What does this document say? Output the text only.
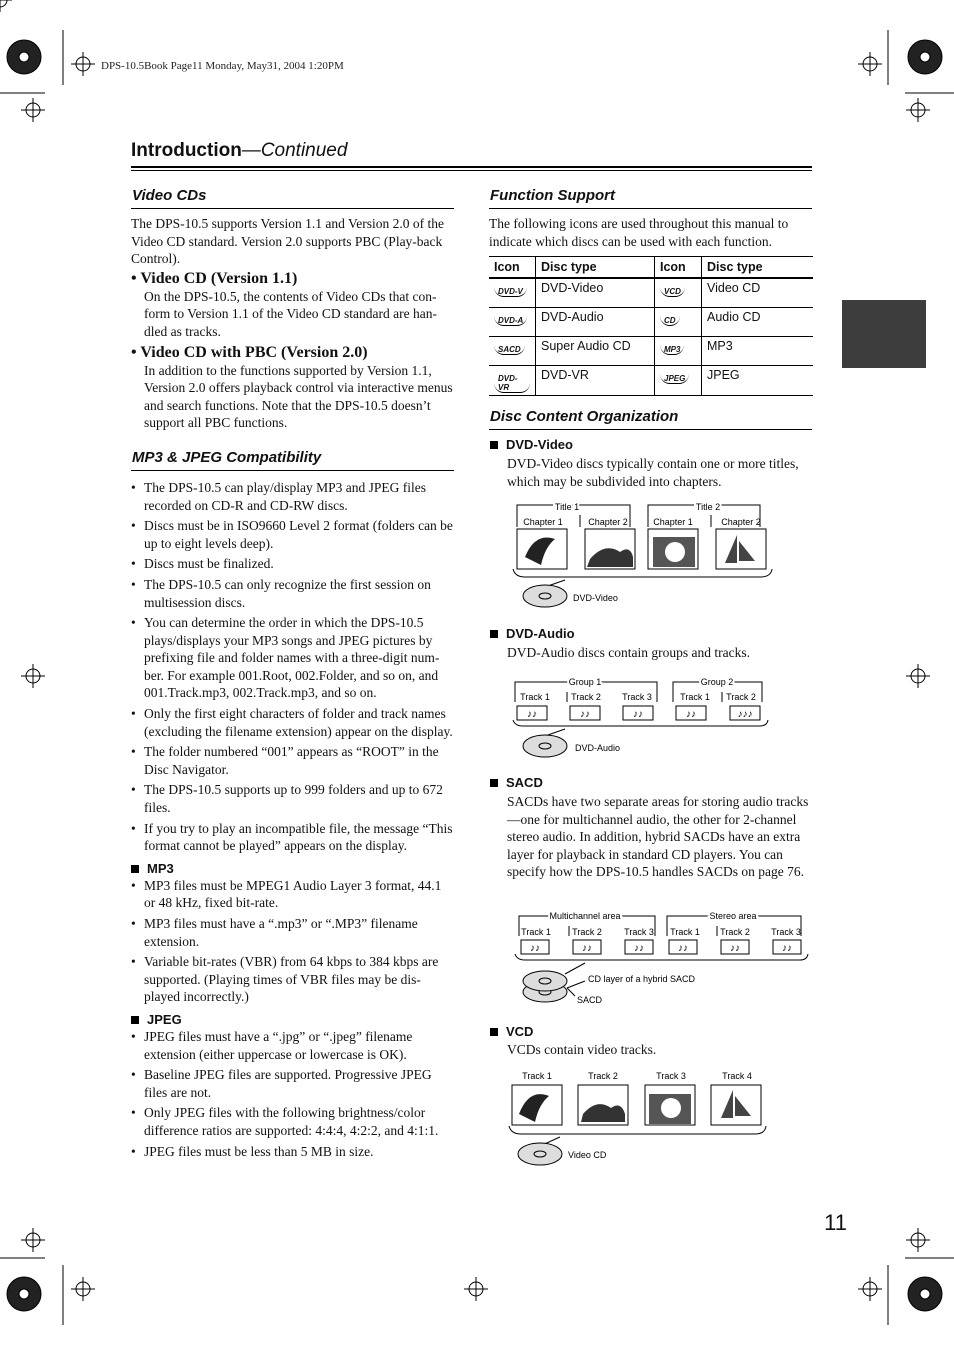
DPS-10.5Book Page11 Monday, May31, 2004 1:20PM
Introduction—Continued
Video CDs
The DPS-10.5 supports Version 1.1 and Version 2.0 of the Video CD standard. Version 2.0 supports PBC (Play-back Control).
• Video CD (Version 1.1)
On the DPS-10.5, the contents of Video CDs that con-form to Version 1.1 of the Video CD standard are han-dled as tracks.
• Video CD with PBC (Version 2.0)
In addition to the functions supported by Version 1.1, Version 2.0 offers playback control via interactive menus and search functions. Note that the DPS-10.5 doesn’t support all PBC functions.
MP3 & JPEG Compatibility
• The DPS-10.5 can play/display MP3 and JPEG files recorded on CD-R and CD-RW discs.
• Discs must be in ISO9660 Level 2 format (folders can be up to eight levels deep).
• Discs must be finalized.
• The DPS-10.5 can only recognize the first session on multisession discs.
• You can determine the order in which the DPS-10.5 plays/displays your MP3 songs and JPEG pictures by prefixing file and folder names with a three-digit num-ber. For example 001.Root, 002.Folder, and so on, and 001.Track.mp3, 002.Track.mp3, and so on.
• Only the first eight characters of folder and track names (excluding the filename extension) appear on the display.
• The folder numbered “001” appears as “ROOT” in the Disc Navigator.
• The DPS-10.5 supports up to 999 folders and up to 672 files.
• If you try to play an incompatible file, the message “This format cannot be played” appears on the display.
MP3
• MP3 files must be MPEG1 Audio Layer 3 format, 44.1 or 48 kHz, fixed bit-rate.
• MP3 files must have a “.mp3” or “.MP3” filename extension.
• Variable bit-rates (VBR) from 64 kbps to 384 kbps are supported. (Playing times of VBR files may be dis-played incorrectly.)
JPEG
• JPEG files must have a “.jpg” or “.jpeg” filename extension (either uppercase or lowercase is OK).
• Baseline JPEG files are supported. Progressive JPEG files are not.
• Only JPEG files with the following brightness/color difference ratios are supported: 4:4:4, 4:2:2, and 4:1:1.
• JPEG files must be less than 5 MB in size.
Function Support
The following icons are used throughout this manual to indicate which discs can be used with each function.
Icon	Disc type	Icon	Disc type
DVD-V	DVD-Video	VCD	Video CD
DVD-A	DVD-Audio	CD	Audio CD
SACD	Super Audio CD	MP3	MP3
DVD-VR	DVD-VR	JPEG	JPEG
Disc Content Organization
DVD-Video
DVD-Video discs typically contain one or more titles, which may be subdivided into chapters.
Title 1	Title 2
Chapter 1	Chapter 2	Chapter 1	Chapter 2
DVD-Video
DVD-Audio
DVD-Audio discs contain groups and tracks.
♪♪	♪♪	♪♪	♪♪	♪♪♪
Group 1	Group 2
Track 1 Track 2 Track 3	Track 1 Track 2
DVD-Audio
SACD
SACDs have two separate areas for storing audio tracks—one for multichannel audio, the other for 2-channel stereo audio. In addition, hybrid SACDs have an extra layer for playback in standard CD players. You can specify how the DPS-10.5 handles SACDs on page 76.
♪♪	♪♪	♪♪	♪♪	♪♪	♪♪
Multichannel area	Stereo area
Track 1 Track 2 Track 3 Track 1 Track 2 Track 3
CD layer of a hybrid SACD
SACD
VCD
VCDs contain video tracks.
Track 1	Track 2	Track 3	Track 4
Video CD
11
